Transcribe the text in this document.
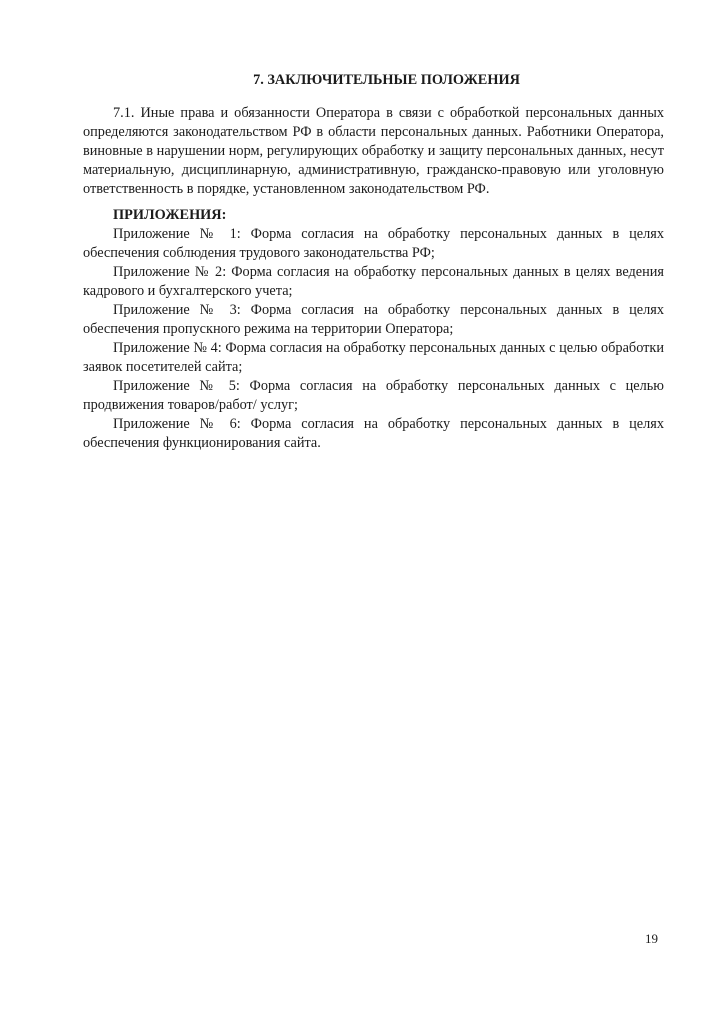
7. ЗАКЛЮЧИТЕЛЬНЫЕ ПОЛОЖЕНИЯ

7.1. Иные права и обязанности Оператора в связи с обработкой персональных данных определяются законодательством РФ в области персональных данных. Работники Оператора, виновные в нарушении норм, регулирующих обработку и защиту персональных данных, несут материальную, дисциплинарную, административную, гражданско-правовую или уголовную ответственность в порядке, установленном законодательством РФ.

ПРИЛОЖЕНИЯ:

Приложение № 1: Форма согласия на обработку персональных данных в целях обеспечения соблюдения трудового законодательства РФ;

Приложение № 2: Форма согласия на обработку персональных данных в целях ведения кадрового и бухгалтерского учета;

Приложение № 3: Форма согласия на обработку персональных данных в целях обеспечения пропускного режима на территории Оператора;

Приложение № 4: Форма согласия на обработку персональных данных с целью обработки заявок посетителей сайта;

Приложение № 5: Форма согласия на обработку персональных данных с целью продвижения товаров/работ/ услуг;

Приложение № 6: Форма согласия на обработку персональных данных в целях обеспечения функционирования сайта.

19
